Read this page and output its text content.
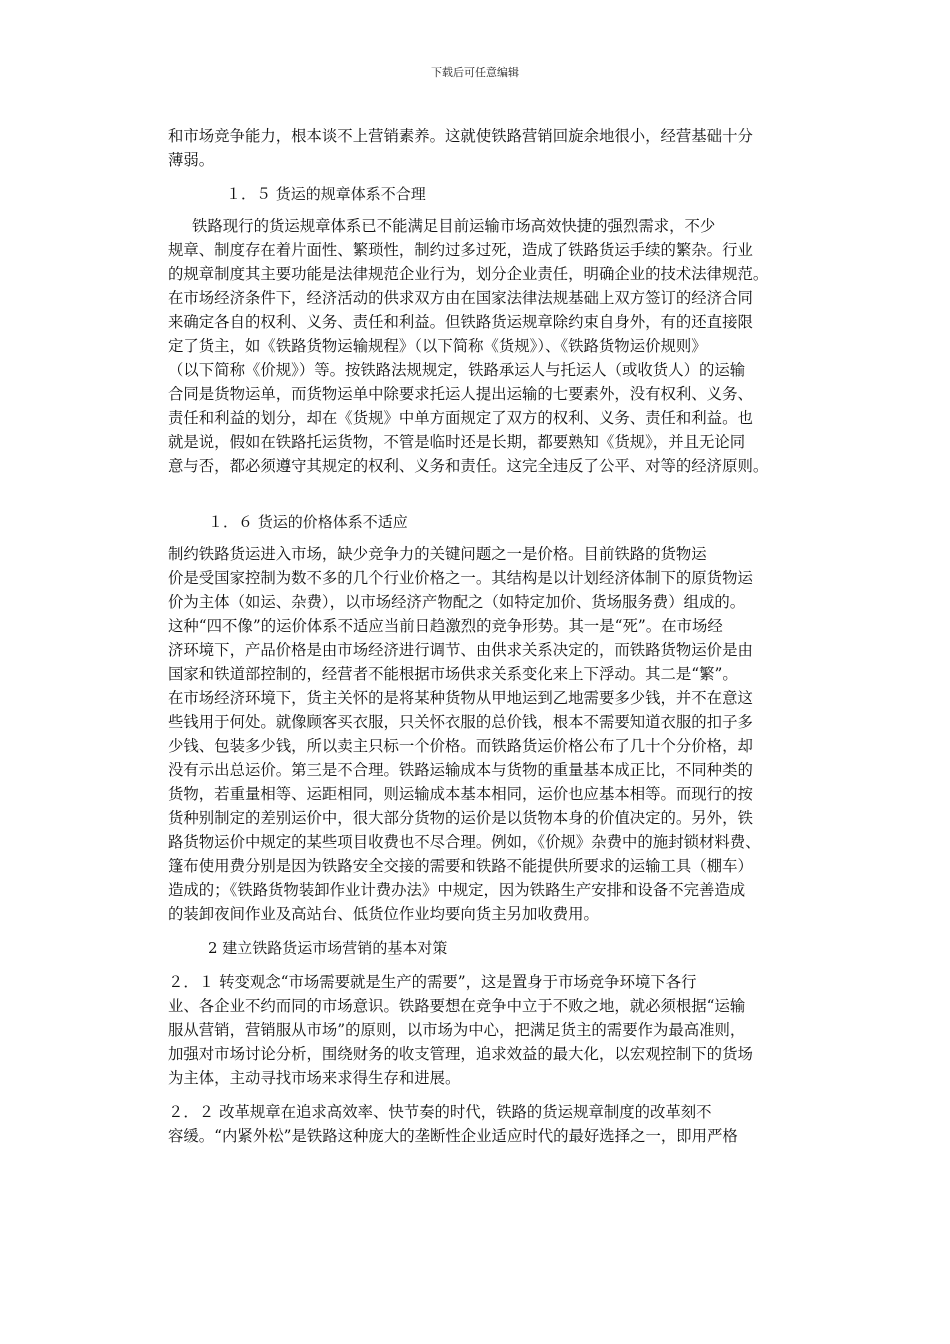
下载后可任意编辑
和市场竞争能力，根本谈不上营销素养。这就使铁路营销回旋余地很小，经营基础十分
薄弱。
１．５ 货运的规章体系不合理
铁路现行的货运规章体系已不能满足目前运输市场高效快捷的强烈需求，不少
规章、制度存在着片面性、繁琐性，制约过多过死，造成了铁路货运手续的繁杂。行业
的规章制度其主要功能是法律规范企业行为，划分企业责任，明确企业的技术法律规范。
在市场经济条件下，经济活动的供求双方由在国家法律法规基础上双方签订的经济合同
来确定各自的权利、义务、责任和利益。但铁路货运规章除约束自身外，有的还直接限
定了货主，如《铁路货物运输规程》（以下简称《货规》）、《铁路货物运价规则》
（以下简称《价规》）等。按铁路法规规定，铁路承运人与托运人（或收货人）的运输
合同是货物运单，而货物运单中除要求托运人提出运输的七要素外，没有权利、义务、
责任和利益的划分，却在《货规》中单方面规定了双方的权利、义务、责任和利益。也
就是说，假如在铁路托运货物，不管是临时还是长期，都要熟知《货规》，并且无论同
意与否，都必须遵守其规定的权利、义务和责任。这完全违反了公平、对等的经济原则。
１．６ 货运的价格体系不适应
制约铁路货运进入市场，缺少竞争力的关键问题之一是价格。目前铁路的货物运
价是受国家控制为数不多的几个行业价格之一。其结构是以计划经济体制下的原货物运
价为主体（如运、杂费），以市场经济产物配之（如特定加价、货场服务费）组成的。
这种“四不像”的运价体系不适应当前日趋激烈的竞争形势。其一是“死”。在市场经
济环境下，产品价格是由市场经济进行调节、由供求关系决定的，而铁路货物运价是由
国家和铁道部控制的，经营者不能根据市场供求关系变化来上下浮动。其二是“繁”。
在市场经济环境下，货主关怀的是将某种货物从甲地运到乙地需要多少钱，并不在意这
些钱用于何处。就像顾客买衣服，只关怀衣服的总价钱，根本不需要知道衣服的扣子多
少钱、包装多少钱，所以卖主只标一个价格。而铁路货运价格公布了几十个分价格，却
没有示出总运价。第三是不合理。铁路运输成本与货物的重量基本成正比，不同种类的
货物，若重量相等、运距相同，则运输成本基本相同，运价也应基本相等。而现行的按
货种别制定的差别运价中，很大部分货物的运价是以货物本身的价值决定的。另外，铁
路货物运价中规定的某些项目收费也不尽合理。例如，《价规》杂费中的施封锁材料费、
篷布使用费分别是因为铁路安全交接的需要和铁路不能提供所要求的运输工具（棚车）
造成的；《铁路货物装卸作业计费办法》中规定，因为铁路生产安排和设备不完善造成
的装卸夜间作业及高站台、低货位作业均要向货主另加收费用。
2 建立铁路货运市场营销的基本对策
２．１ 转变观念“市场需要就是生产的需要”，这是置身于市场竞争环境下各行
业、各企业不约而同的市场意识。铁路要想在竞争中立于不败之地，就必须根据“运输
服从营销，营销服从市场”的原则，以市场为中心，把满足货主的需要作为最高准则，
加强对市场讨论分析，围绕财务的收支管理，追求效益的最大化，以宏观控制下的货场
为主体，主动寻找市场来求得生存和进展。
２．２ 改革规章在追求高效率、快节奏的时代，铁路的货运规章制度的改革刻不
容缓。“内紧外松”是铁路这种庞大的垄断性企业适应时代的最好选择之一，即用严格
